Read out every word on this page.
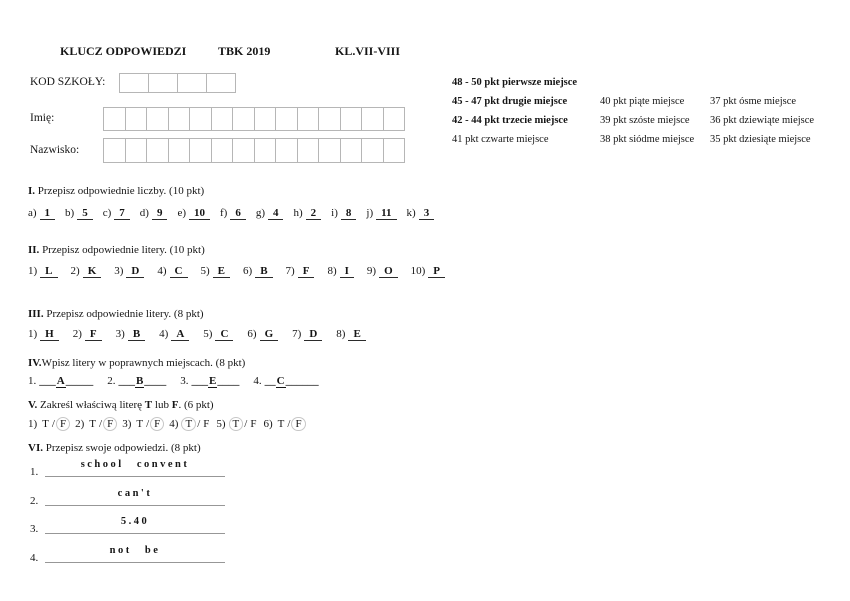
KLUCZ ODPOWIEDZI	TBK 2019	KL.VII-VIII
KOD SZKOŁY:
Imię:
Nazwisko:
48 - 50 pkt pierwsze miejsce
45 - 47 pkt drugie miejsce	40 pkt piąte miejsce	37 pkt ósme miejsce
42 - 44 pkt trzecie miejsce	39 pkt szóste miejsce	36 pkt dziewiąte miejsce
41 pkt czwarte miejsce	38 pkt siódme miejsce	35 pkt dziesiąte miejsce
I. Przepisz odpowiednie liczby. (10 pkt)
a) 1	b) 5	c) 7	d) 9	e) 10	f) 6	g) 4	h) 2	i) 8	j) 11	k) 3
II. Przepisz odpowiednie litery. (10 pkt)
1) L	2) K	3) D	4) C	5) E	6) B	7) F	8) I	9) O	10) P
III. Przepisz odpowiednie litery. (8 pkt)
1) H	2) F	3) B	4) A	5) C	6) G	7) D	8) E
IV.Wpisz litery w poprawnych miejscach. (8 pkt)
1. ___A_____ 2. ___B____ 3. ___E____ 4. __C______
V. Zakreśl właściwą literę T lub F. (6 pkt)
1) T / F 2) T / F 3) T / F 4) T / F 5) T / F 6) T / F
VI. Przepisz swoje odpowiedzi. (8 pkt)
1.
school convent
2.
can't
3.
5.40
4.
not be
